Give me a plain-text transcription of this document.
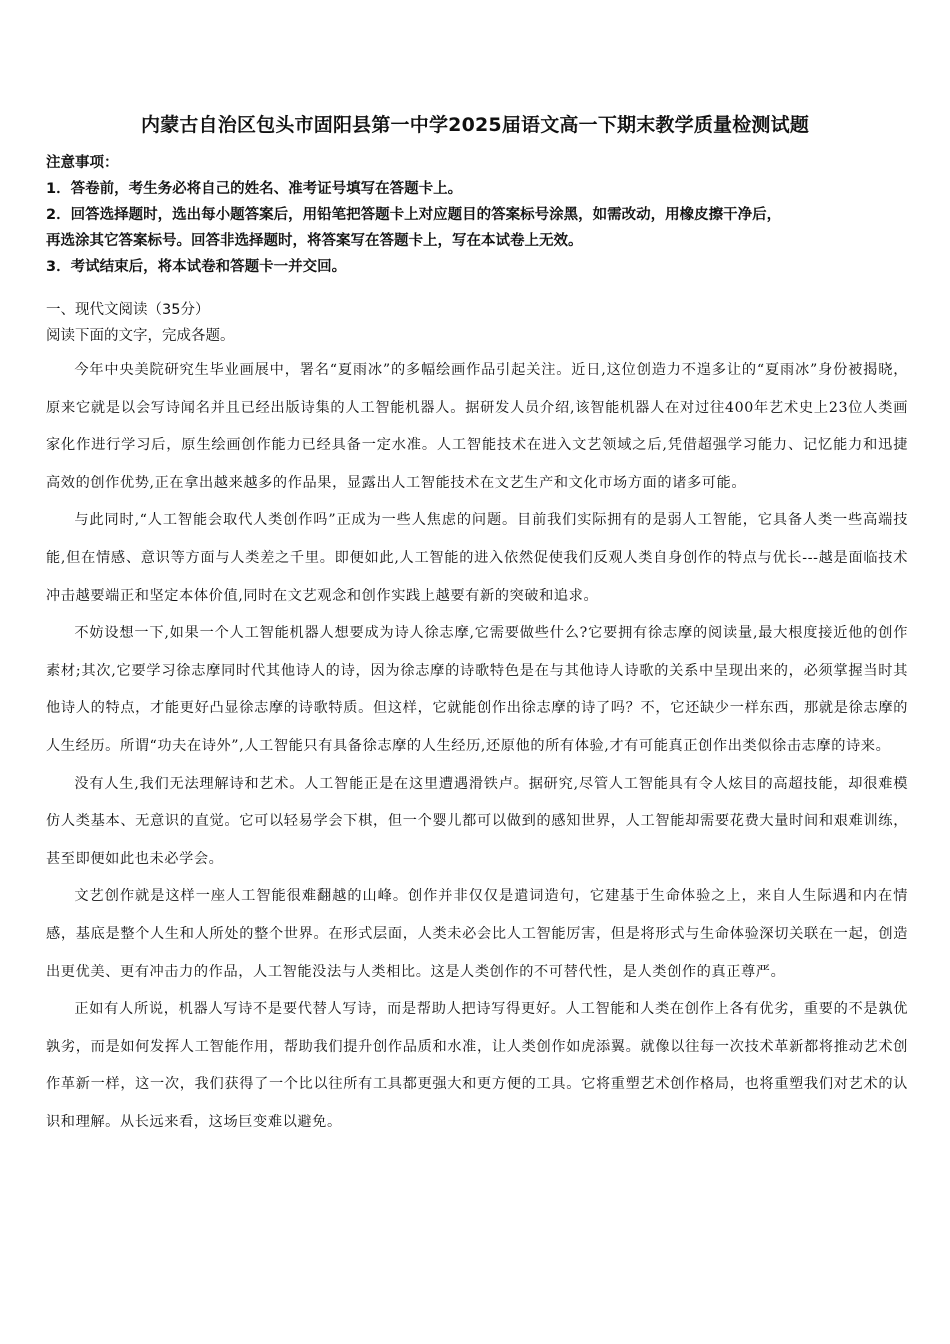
内蒙古自治区包头市固阳县第一中学2025届语文高一下期末教学质量检测试题
注意事项：
1．答卷前，考生务必将自己的姓名、准考证号填写在答题卡上。
2．回答选择题时，选出每小题答案后，用铅笔把答题卡上对应题目的答案标号涂黑，如需改动，用橡皮擦干净后，
再选涂其它答案标号。回答非选择题时，将答案写在答题卡上，写在本试卷上无效。
3．考试结束后，将本试卷和答题卡一并交回。
一、现代文阅读（35分）
阅读下面的文字，完成各题。

今年中央美院研究生毕业画展中，署名“夏雨冰”的多幅绘画作品引起关注。近日,这位创造力不遑多让的“夏雨冰”身份被揭晓，原来它就是以会写诗闻名并且已经出版诗集的人工智能机器人。据研发人员介绍,该智能机器人在对过往400年艺术史上23位人类画家化作进行学习后，原生绘画创作能力已经具备一定水准。人工智能技术在进入文艺领域之后,凭借超强学习能力、记忆能力和迅捷高效的创作优势,正在拿出越来越多的作品果，显露出人工智能技术在文艺生产和文化市场方面的诸多可能。

与此同时,“人工智能会取代人类创作吗”正成为一些人焦虑的问题。目前我们实际拥有的是弱人工智能，它具备人类一些高端技能,但在情感、意识等方面与人类差之千里。即便如此,人工智能的进入依然促使我们反观人类自身创作的特点与优长---越是面临技术冲击越要端正和坚定本体价值,同时在文艺观念和创作实践上越要有新的突破和追求。

不妨设想一下,如果一个人工智能机器人想要成为诗人徐志摩,它需要做些什么?它要拥有徐志摩的阅读量,最大根度接近他的创作素材;其次,它要学习徐志摩同时代其他诗人的诗，因为徐志摩的诗歌特色是在与其他诗人诗歌的关系中呈现出来的，必须掌握当时其他诗人的特点，才能更好凸显徐志摩的诗歌特质。但这样，它就能创作出徐志摩的诗了吗？不，它还缺少一样东西，那就是徐志摩的人生经历。所谓“功夫在诗外”,人工智能只有具备徐志摩的人生经历,还原他的所有体验,才有可能真正创作出类似徐击志摩的诗来。

没有人生,我们无法理解诗和艺术。人工智能正是在这里遭遇滑铁卢。据研究,尽管人工智能具有令人炫目的高超技能，却很难模仿人类基本、无意识的直觉。它可以轻易学会下棋，但一个婴儿都可以做到的感知世界，人工智能却需要花费大量时间和艰难训练，甚至即便如此也未必学会。

文艺创作就是这样一座人工智能很难翻越的山峰。创作并非仅仅是遣词造句，它建基于生命体验之上，来自人生际遇和内在情感，基底是整个人生和人所处的整个世界。在形式层面，人类未必会比人工智能厉害，但是将形式与生命体验深切关联在一起，创造出更优美、更有冲击力的作品，人工智能没法与人类相比。这是人类创作的不可替代性，是人类创作的真正尊严。

正如有人所说，机器人写诗不是要代替人写诗，而是帮助人把诗写得更好。人工智能和人类在创作上各有优劣，重要的不是孰优孰劣，而是如何发挥人工智能作用，帮助我们提升创作品质和水准，让人类创作如虎添翼。就像以往每一次技术革新都将推动艺术创作革新一样，这一次，我们获得了一个比以往所有工具都更强大和更方便的工具。它将重塑艺术创作格局，也将重塑我们对艺术的认识和理解。从长远来看，这场巨变难以避免。
